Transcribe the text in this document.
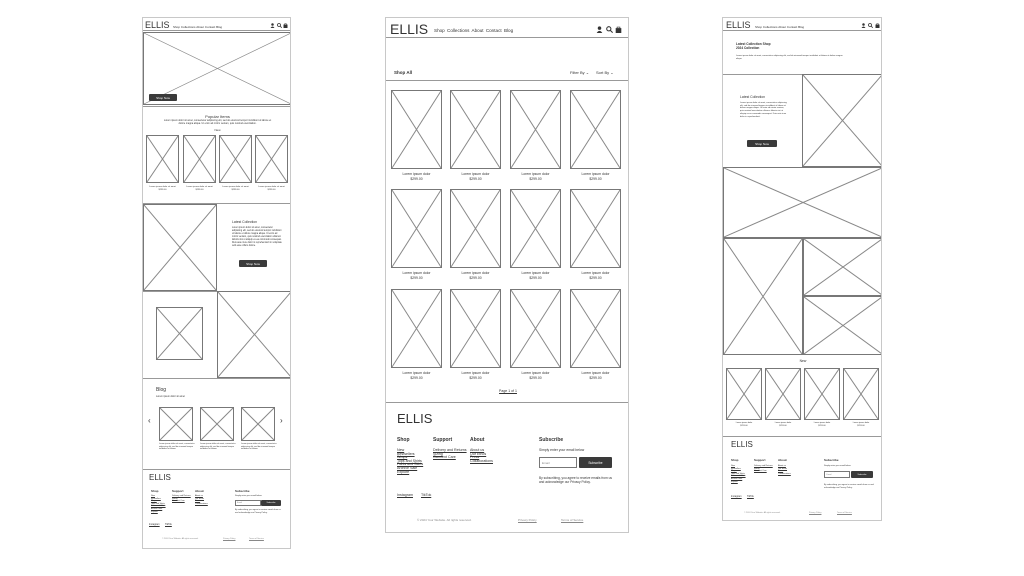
ELLIS Shop Collections About Contact Blog
Shop Now
Popular Items
Lorem ipsum dolor sit amet, consectetur adipiscing elit, sed do eiusmod tempor incididunt ut labore et dolore magna aliqua. Ut enim ad minim veniam, quis nostrud exercitation.
New
Latest Collection
Lorem ipsum dolor sit amet, consectetur adipiscing elit, sed do eiusmod tempor incididunt ut labore et dolore magna aliqua. Ut enim ad minim veniam, quis nostrud exercitation ullamco laboris nisi ut aliquip ex ea commodo consequat. Duis aute irure dolor in reprehenderit in voluptate velit esse cillum dolore.
Shop Now
Blog
Lorem ipsum dolor sit amet
‹	›
ELLIS
Shop	Support	About	Subscribe
Simply enter your email below
Email	Subscribe
By subscribing, you agree to receive emails from us and acknowledge our Privacy Policy.
Instagram TikTok
© 2024 Your Website. All rights reserved.	Privacy Policy	Terms of Service
Lorem ipsum dolor sit amet
$299.00
Lorem ipsum dolor sit amet
$299.00
Lorem ipsum dolor sit amet
$299.00
Lorem ipsum dolor sit amet
$299.00
Lorem ipsum dolor sit amet, consectetur adipiscing elit, sed do eiusmod tempor incididunt ut labore
Lorem ipsum dolor sit amet, consectetur adipiscing elit, sed do eiusmod tempor incididunt ut labore
Lorem ipsum dolor sit amet, consectetur adipiscing elit, sed do eiusmod tempor incididunt ut labore
New
Bestsellers
Wraps
Tops and Shirts
Pants and Skirts
Archive Sale
Explore
Delivery and Returns
Sizing
Garment Care
About us
Our Ethos
Press
Collaborations
ELLIS Shop Collections About Contact Blog
Shop All	Filter By ⌄ Sort By ⌄
Page 1 of 1
ELLIS
Shop	Support	About	Subscribe
Simply enter your email below
Email	Subscribe
By subscribing, you agree to receive emails from us and acknowledge our Privacy Policy.
Instagram TikTok
© 2024 Your Website. All rights reserved.	Privacy Policy	Terms of Service
Lorem ipsum dolor
$299.00
Lorem ipsum dolor
$299.00
Lorem ipsum dolor
$299.00
Lorem ipsum dolor
$299.00
Lorem ipsum dolor
$299.00
Lorem ipsum dolor
$299.00
Lorem ipsum dolor
$299.00
Lorem ipsum dolor
$299.00
Lorem ipsum dolor
$299.00
Lorem ipsum dolor
$299.00
Lorem ipsum dolor
$299.00
Lorem ipsum dolor
$299.00
New
Bestsellers
Wraps
Tops and Shirts
Pants and Skirts
Archive Sale
Explore
Delivery and Returns
Sizing
Garment Care
About us
Our Ethos
Press
Collaborations
ELLIS Shop Collections About Contact Blog
Latest Collection Shop
2024 Collection
Lorem ipsum dolor sit amet, consectetur adipiscing elit, sed do eiusmod tempor incididunt ut labore et dolore magna aliqua.
Latest Collection
Lorem ipsum dolor sit amet, consectetur adipiscing elit, sed do eiusmod tempor incididunt ut labore et dolore magna aliqua. Ut enim ad minim veniam, quis nostrud exercitation ullamco laboris nisi ut aliquip ex ea commodo consequat. Duis aute irure dolor in reprehenderit.
Shop Now
New
ELLIS
Shop	Support	About	Subscribe
Simply enter your email below
Email	Subscribe
By subscribing, you agree to receive emails from us and acknowledge our Privacy Policy.
Instagram TikTok
© 2024 Your Website. All rights reserved.	Privacy Policy	Terms of Service
Lorem ipsum dolor
$299.00
Lorem ipsum dolor
$299.00
Lorem ipsum dolor
$299.00
Lorem ipsum dolor
$299.00
New
Bestsellers
Wraps
Tops and Shirts
Pants and Skirts
Archive Sale
Explore
Delivery and Returns
Sizing
Garment Care
About us
Our Ethos
Press
Collaborations
